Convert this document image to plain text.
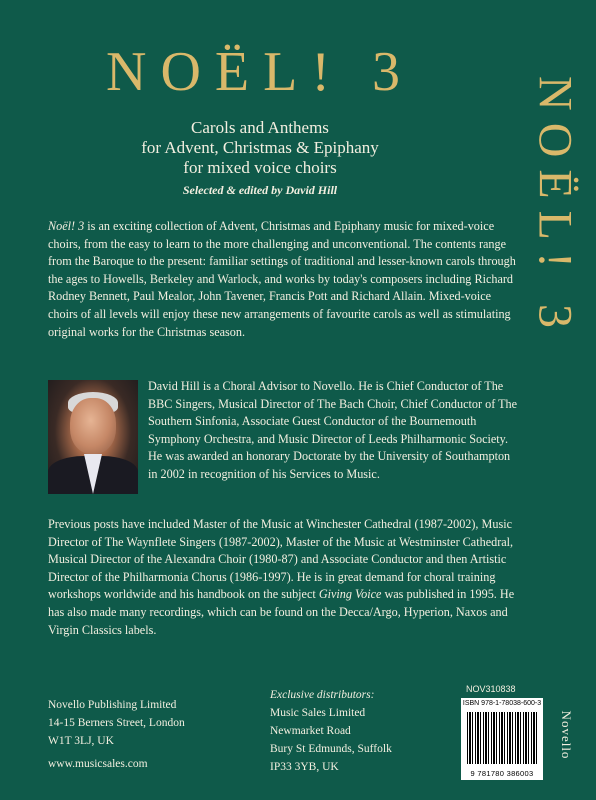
NOËL! 3
NOËL! 3
Carols and Anthems
for Advent, Christmas & Epiphany
for mixed voice choirs
Selected & edited by David Hill
Noël! 3 is an exciting collection of Advent, Christmas and Epiphany music for mixed-voice choirs, from the easy to learn to the more challenging and unconventional. The contents range from the Baroque to the present: familiar settings of traditional and lesser-known carols through the ages to Howells, Berkeley and Warlock, and works by today's composers including Richard Rodney Bennett, Paul Mealor, John Tavener, Francis Pott and Richard Allain. Mixed-voice choirs of all levels will enjoy these new arrangements of favourite carols as well as stimulating original works for the Christmas season.
David Hill is a Choral Advisor to Novello. He is Chief Conductor of The BBC Singers, Musical Director of The Bach Choir, Chief Conductor of The Southern Sinfonia, Associate Guest Conductor of the Bournemouth Symphony Orchestra, and Music Director of Leeds Philharmonic Society. He was awarded an honorary Doctorate by the University of Southampton in 2002 in recognition of his Services to Music.
Previous posts have included Master of the Music at Winchester Cathedral (1987-2002), Music Director of The Waynflete Singers (1987-2002), Master of the Music at Westminster Cathedral, Musical Director of the Alexandra Choir (1980-87) and Associate Conductor and then Artistic Director of the Philharmonia Chorus (1986-1997). He is in great demand for choral training workshops worldwide and his handbook on the subject Giving Voice was published in 1995. He has also made many recordings, which can be found on the Decca/Argo, Hyperion, Naxos and Virgin Classics labels.
NOV310838
ISBN 978-1-78038-600-3
9 781780 386003
Novello Publishing Limited
14-15 Berners Street, London
W1T 3LJ, UK
Exclusive distributors:
Music Sales Limited
Newmarket Road
Bury St Edmunds, Suffolk
IP33 3YB, UK
www.musicsales.com
Novello
